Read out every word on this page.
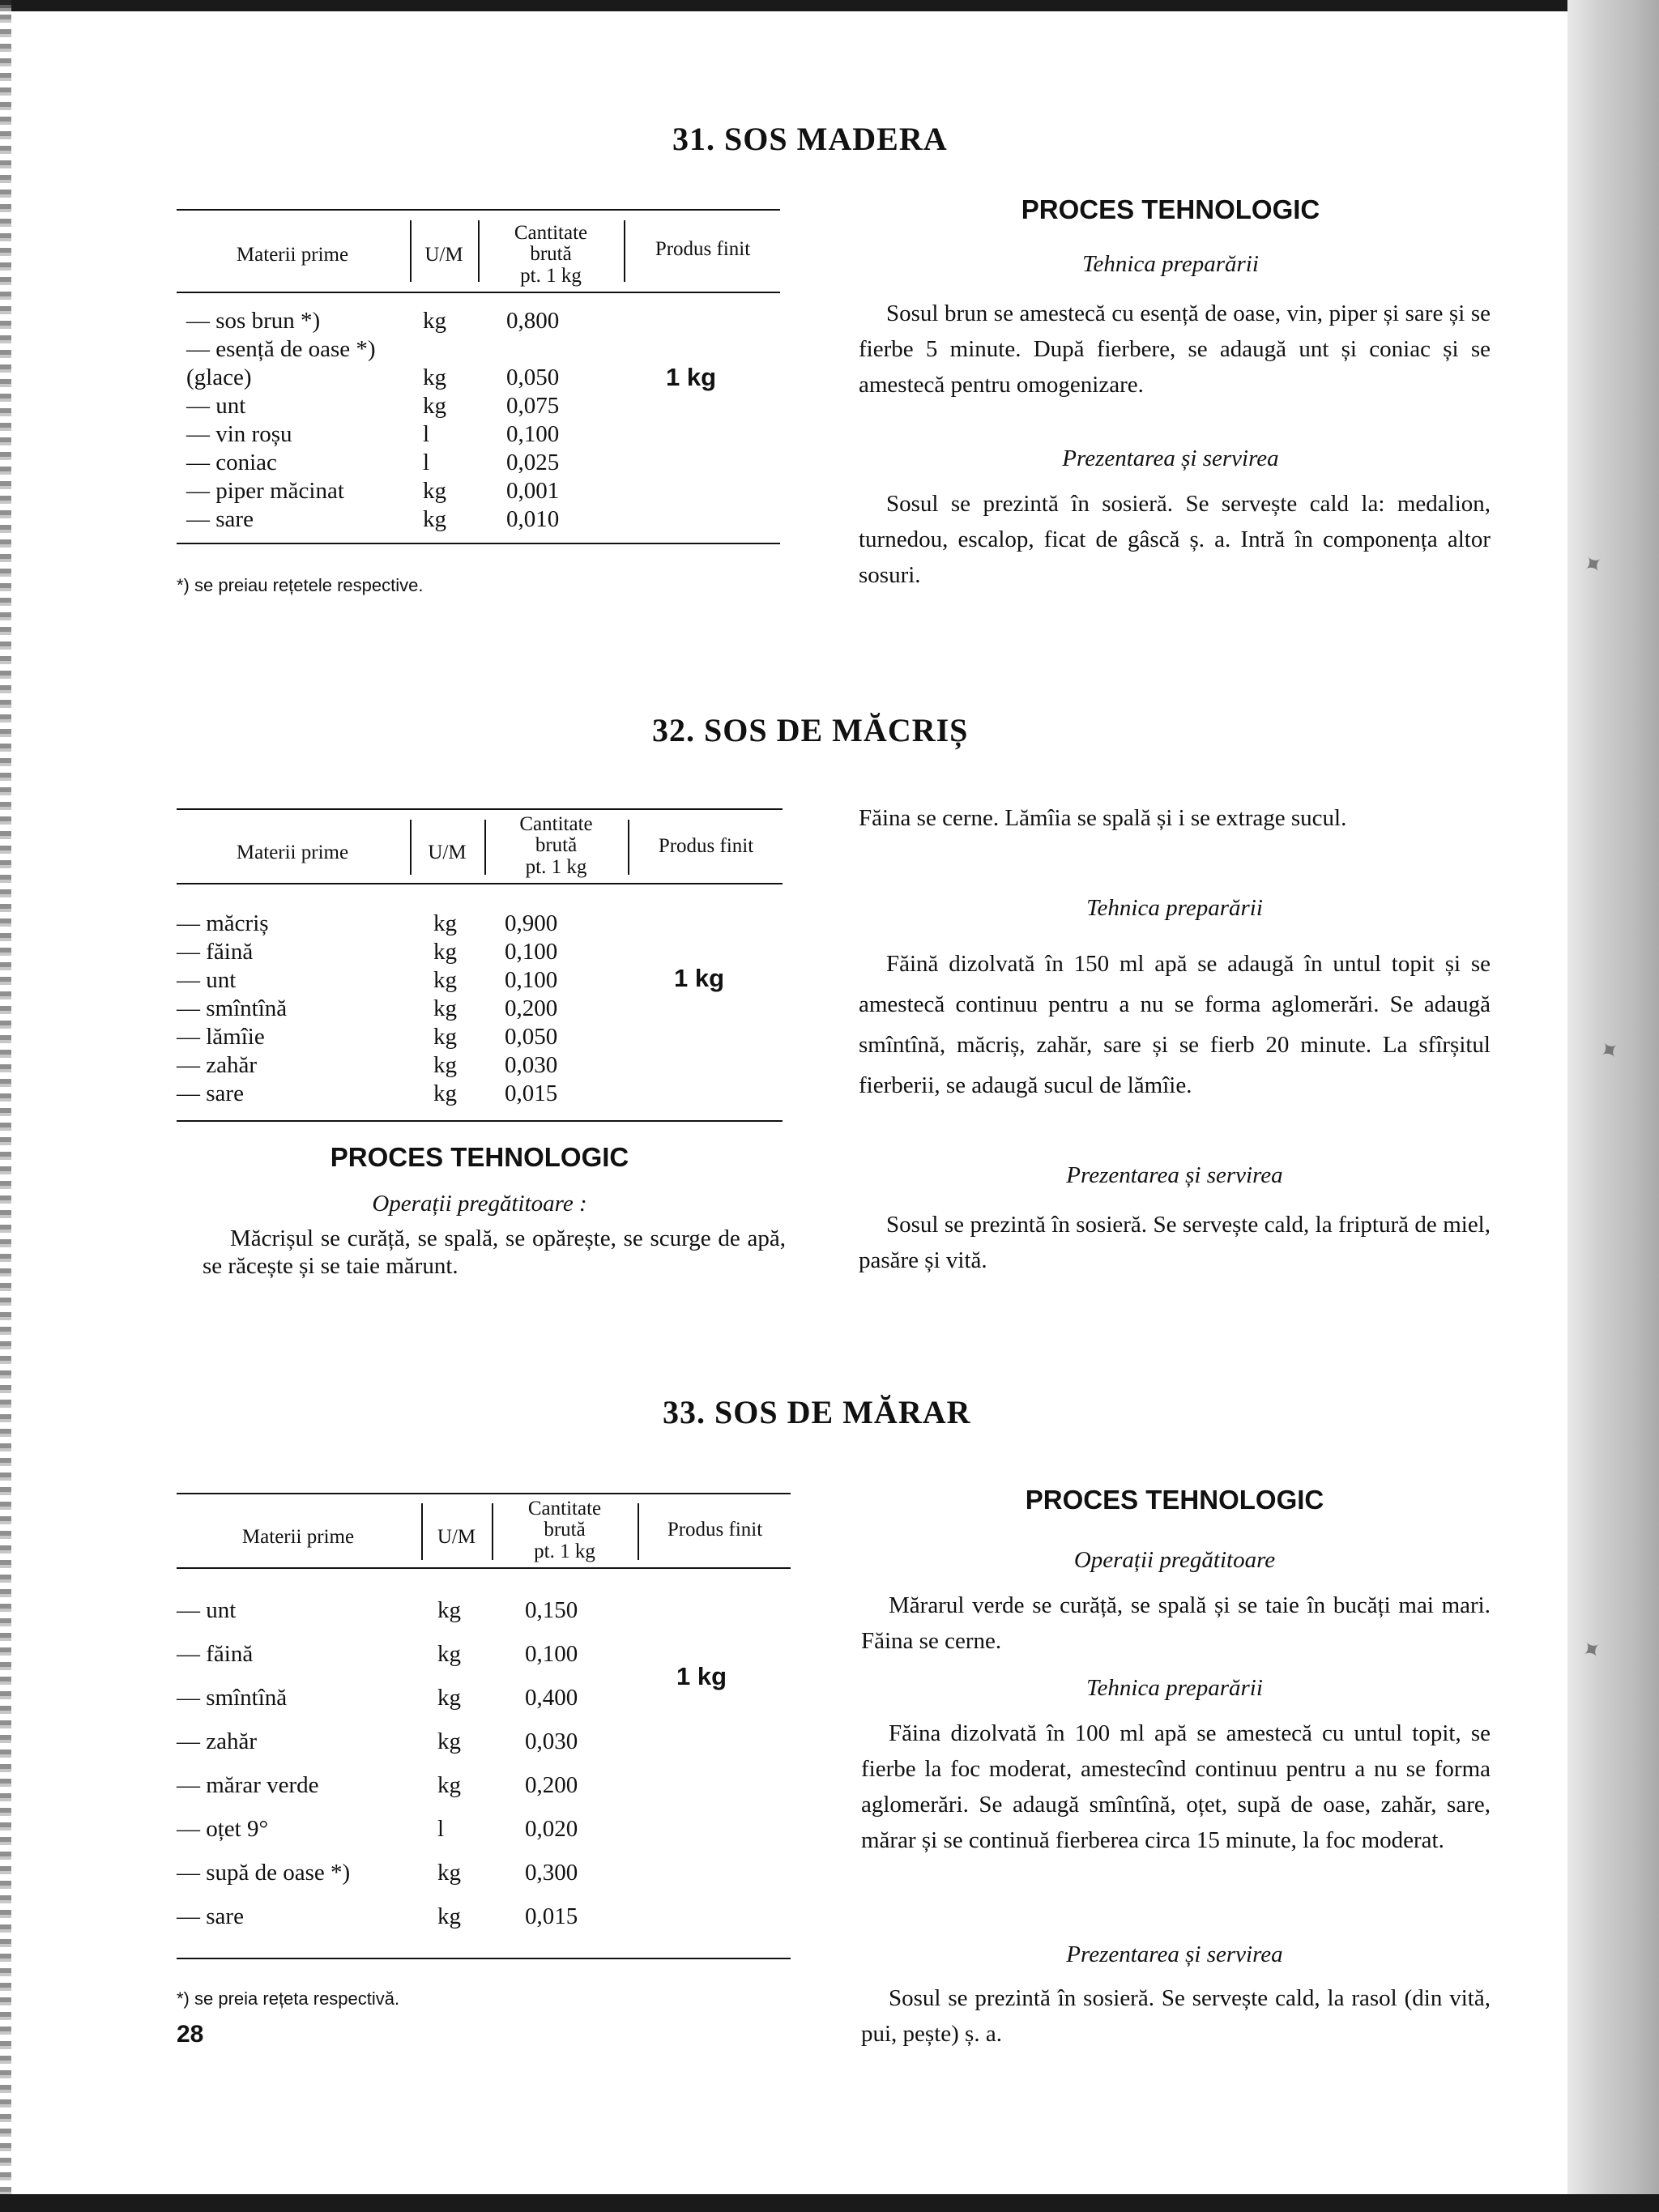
✦
✦
✦
31. SOS MADERA
Materii prime	U/M
Cantitate
brută
pt. 1 kg
Produs finit
— sos brun *)	kg	0,800
— esență de oase *)
(glace)	kg	0,050
— unt	kg	0,075
— vin roșu	l	0,100
— coniac	l	0,025
— piper măcinat	kg	0,001
— sare	kg	0,010
1 kg
*) se preiau rețetele respective.
PROCES TEHNOLOGIC
Tehnica preparării

Sosul brun se amestecă cu esență de oase, vin, piper și sare și se fierbe 5 minute. După fierbere, se adaugă unt și coniac și se amestecă pentru omogenizare.

Prezentarea și servirea

Sosul se prezintă în sosieră. Se servește cald la: medalion, turnedou, escalop, ficat de gâscă ș. a. Intră în componența altor sosuri.

32. SOS DE MĂCRIȘ
Materii prime	U/M
Cantitate
brută
pt. 1 kg
Produs finit
— măcriș	kg 0,900
— făină	kg 0,100
— unt	kg 0,100
— smîntînă	kg 0,200
— lămîie	kg 0,050
— zahăr	kg 0,030
— sare	kg 0,015
1 kg
PROCES TEHNOLOGIC
Operații pregătitoare :

Măcrișul se curăță, se spală, se opărește, se scurge de apă, se răcește și se taie mărunt.

Făina se cerne. Lămîia se spală și i se extrage sucul.

Tehnica preparării

Făină dizolvată în 150 ml apă se adaugă în untul topit și se amestecă continuu pentru a nu se forma aglomerări. Se adaugă smîntînă, măcriș, zahăr, sare și se fierb 20 minute. La sfîrșitul fierberii, se adaugă sucul de lămîie.

Prezentarea și servirea

Sosul se prezintă în sosieră. Se servește cald, la friptură de miel, pasăre și vită.

33. SOS DE MĂRAR
Materii prime	U/M
Cantitate
brută
pt. 1 kg
Produs finit
— unt	kg	0,150
— făină	kg	0,100
— smîntînă	kg	0,400
— zahăr	kg	0,030
— mărar verde	kg	0,200
— oțet 9°	l	0,020
— supă de oase *)	kg	0,300
— sare	kg	0,015
1 kg
*) se preia rețeta respectivă.
PROCES TEHNOLOGIC
Operații pregătitoare

Mărarul verde se curăță, se spală și se taie în bucăți mai mari. Făina se cerne.

Tehnica preparării

Făina dizolvată în 100 ml apă se amestecă cu untul topit, se fierbe la foc moderat, amestecînd continuu pentru a nu se forma aglomerări. Se adaugă smîntînă, oțet, supă de oase, zahăr, sare, mărar și se continuă fierberea circa 15 minute, la foc moderat.

Prezentarea și servirea

Sosul se prezintă în sosieră. Se servește cald, la rasol (din vită, pui, pește) ș. a.

28
